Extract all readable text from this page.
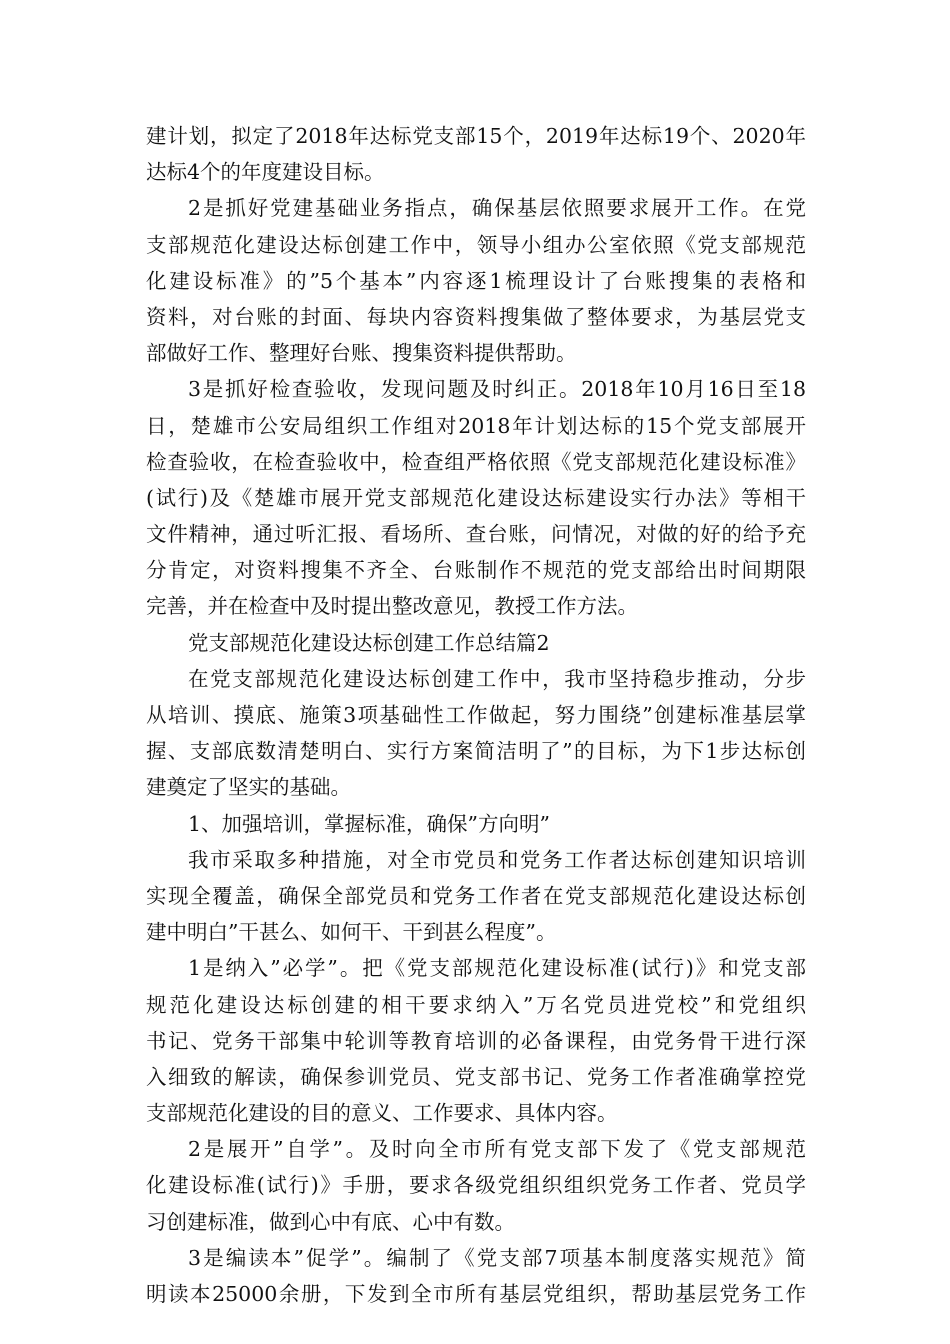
建计划，拟定了2018年达标党支部15个，2019年达标19个、2020年
达标4个的年度建设目标。
2是抓好党建基础业务指点，确保基层依照要求展开工作。在党
支部规范化建设达标创建工作中，领导小组办公室依照《党支部规范
化建设标准》的”5个基本”内容逐1梳理设计了台账搜集的表格和
资料，对台账的封面、每块内容资料搜集做了整体要求，为基层党支
部做好工作、整理好台账、搜集资料提供帮助。
3是抓好检查验收，发现问题及时纠正。2018年10月16日至18
日，楚雄市公安局组织工作组对2018年计划达标的15个党支部展开
检查验收，在检查验收中，检查组严格依照《党支部规范化建设标准》
(试行)及《楚雄市展开党支部规范化建设达标建设实行办法》等相干
文件精神，通过听汇报、看场所、查台账，问情况，对做的好的给予充
分肯定，对资料搜集不齐全、台账制作不规范的党支部给出时间期限
完善，并在检查中及时提出整改意见，教授工作方法。
党支部规范化建设达标创建工作总结篇2
在党支部规范化建设达标创建工作中，我市坚持稳步推动，分步
从培训、摸底、施策3项基础性工作做起，努力围绕”创建标准基层掌
握、支部底数清楚明白、实行方案简洁明了”的目标，为下1步达标创
建奠定了坚实的基础。
1、加强培训，掌握标准，确保”方向明”
我市采取多种措施，对全市党员和党务工作者达标创建知识培训
实现全覆盖，确保全部党员和党务工作者在党支部规范化建设达标创
建中明白”干甚么、如何干、干到甚么程度”。
1是纳入”必学”。把《党支部规范化建设标准(试行)》和党支部
规范化建设达标创建的相干要求纳入”万名党员进党校”和党组织
书记、党务干部集中轮训等教育培训的必备课程，由党务骨干进行深
入细致的解读，确保参训党员、党支部书记、党务工作者准确掌控党
支部规范化建设的目的意义、工作要求、具体内容。
2是展开”自学”。及时向全市所有党支部下发了《党支部规范
化建设标准(试行)》手册，要求各级党组织组织党务工作者、党员学
习创建标准，做到心中有底、心中有数。
3是编读本”促学”。编制了《党支部7项基本制度落实规范》简
明读本25000余册，下发到全市所有基层党组织，帮助基层党务工作
